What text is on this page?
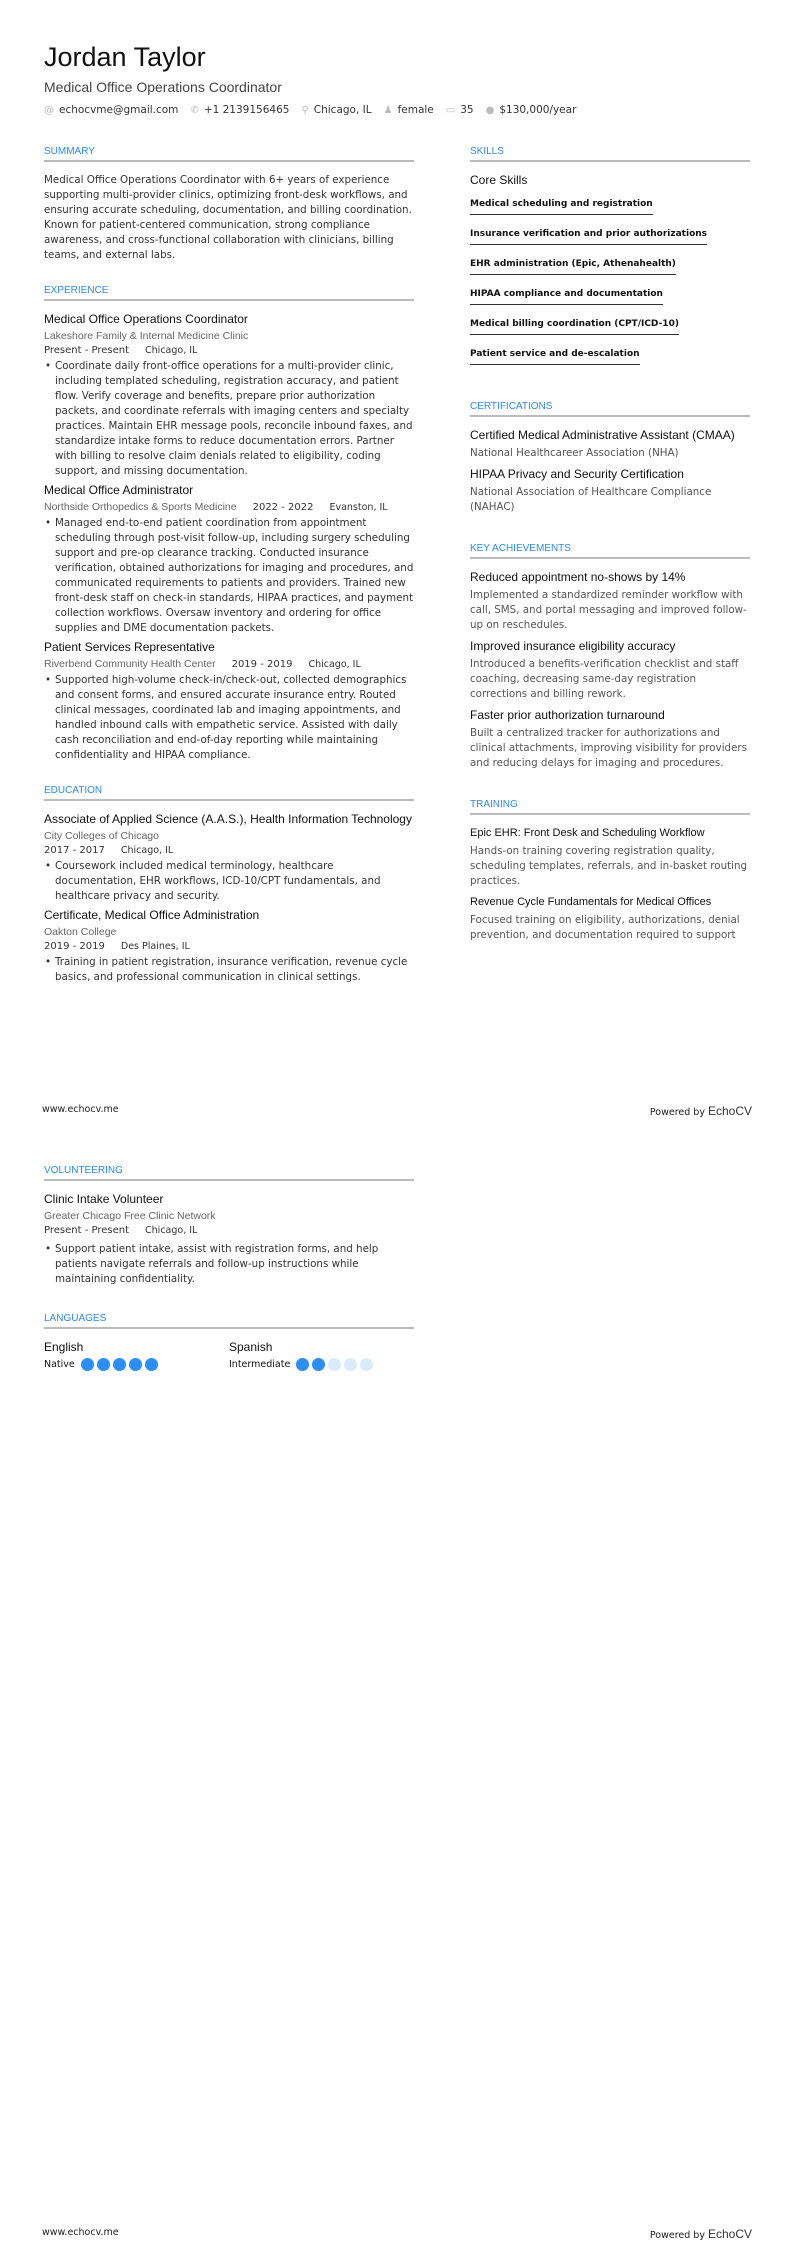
Jordan Taylor
Medical Office Operations Coordinator
@ echocvme@gmail.com ✆ +1 2139156465 ⚲ Chicago, IL ♟ female ▭ 35 ● $130,000/year
SUMMARY
Medical Office Operations Coordinator with 6+ years of experience supporting multi-provider clinics, optimizing front-desk workflows, and ensuring accurate scheduling, documentation, and billing coordination. Known for patient-centered communication, strong compliance awareness, and cross-functional collaboration with clinicians, billing teams, and external labs.
EXPERIENCE
Medical Office Operations Coordinator
Lakeshore Family & Internal Medicine Clinic
Present - Present Chicago, IL
• Coordinate daily front-office operations for a multi-provider clinic, including templated scheduling, registration accuracy, and patient flow. Verify coverage and benefits, prepare prior authorization packets, and coordinate referrals with imaging centers and specialty practices. Maintain EHR message pools, reconcile inbound faxes, and standardize intake forms to reduce documentation errors. Partner with billing to resolve claim denials related to eligibility, coding support, and missing documentation.
Medical Office Administrator
Northside Orthopedics & Sports Medicine 2022 - 2022 Evanston, IL
• Managed end-to-end patient coordination from appointment scheduling through post-visit follow-up, including surgery scheduling support and pre-op clearance tracking. Conducted insurance verification, obtained authorizations for imaging and procedures, and communicated requirements to patients and providers. Trained new front-desk staff on check-in standards, HIPAA practices, and payment collection workflows. Oversaw inventory and ordering for office supplies and DME documentation packets.
Patient Services Representative
Riverbend Community Health Center 2019 - 2019 Chicago, IL
• Supported high-volume check-in/check-out, collected demographics and consent forms, and ensured accurate insurance entry. Routed clinical messages, coordinated lab and imaging appointments, and handled inbound calls with empathetic service. Assisted with daily cash reconciliation and end-of-day reporting while maintaining confidentiality and HIPAA compliance.
EDUCATION
Associate of Applied Science (A.A.S.), Health Information Technology
City Colleges of Chicago
2017 - 2017 Chicago, IL
• Coursework included medical terminology, healthcare documentation, EHR workflows, ICD-10/CPT fundamentals, and healthcare privacy and security.
Certificate, Medical Office Administration
Oakton College
2019 - 2019 Des Plaines, IL
• Training in patient registration, insurance verification, revenue cycle basics, and professional communication in clinical settings.
SKILLS
Core Skills
Medical scheduling and registration
Insurance verification and prior authorizations
EHR administration (Epic, Athenahealth)
HIPAA compliance and documentation
Medical billing coordination (CPT/ICD-10)
Patient service and de-escalation
CERTIFICATIONS
Certified Medical Administrative Assistant (CMAA)
National Healthcareer Association (NHA)
HIPAA Privacy and Security Certification
National Association of Healthcare Compliance (NAHAC)
KEY ACHIEVEMENTS
Reduced appointment no-shows by 14%
Implemented a standardized reminder workflow with call, SMS, and portal messaging and improved follow-up on reschedules.
Improved insurance eligibility accuracy
Introduced a benefits-verification checklist and staff coaching, decreasing same-day registration corrections and billing rework.
Faster prior authorization turnaround
Built a centralized tracker for authorizations and clinical attachments, improving visibility for providers and reducing delays for imaging and procedures.
TRAINING
Epic EHR: Front Desk and Scheduling Workflow
Hands-on training covering registration quality, scheduling templates, referrals, and in-basket routing practices.
Revenue Cycle Fundamentals for Medical Offices
Focused training on eligibility, authorizations, denial prevention, and documentation required to support
www.echocv.me	Powered by EchoCV
VOLUNTEERING
Clinic Intake Volunteer
Greater Chicago Free Clinic Network
Present - Present Chicago, IL
• Support patient intake, assist with registration forms, and help patients navigate referrals and follow-up instructions while maintaining confidentiality.
LANGUAGES
English
Native
Spanish
Intermediate
www.echocv.me	Powered by EchoCV
